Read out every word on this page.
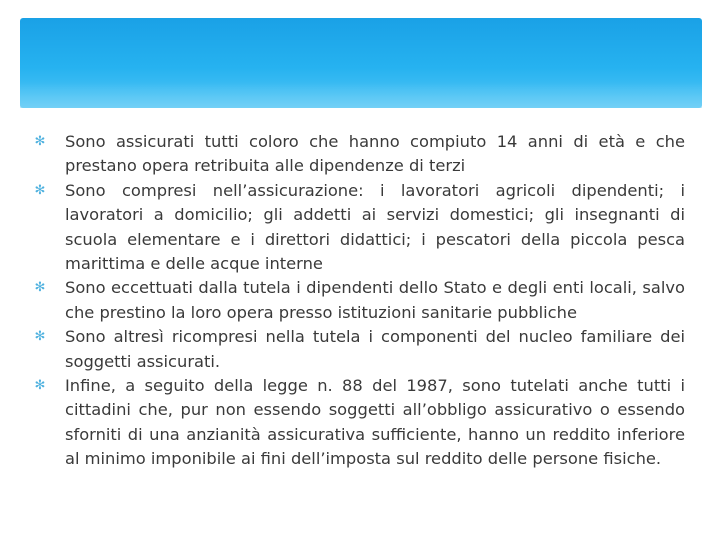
✻ Sono assicurati tutti coloro che hanno compiuto 14 anni di età e che prestano opera retribuita alle dipendenze di terzi
✻ Sono compresi nell’assicurazione: i lavoratori agricoli dipendenti; i lavoratori a domicilio; gli addetti ai servizi domestici; gli insegnanti di scuola elementare e i direttori didattici; i pescatori della piccola pesca marittima e delle acque interne
✻ Sono eccettuati dalla tutela i dipendenti dello Stato e degli enti locali, salvo che prestino la loro opera presso istituzioni sanitarie pubbliche
✻ Sono altresì ricompresi nella tutela i componenti del nucleo familiare dei soggetti assicurati.
✻ Infine, a seguito della legge n. 88 del 1987, sono tutelati anche tutti i cittadini che, pur non essendo soggetti all’obbligo assicurativo o essendo sforniti di una anzianità assicurativa sufficiente, hanno un reddito inferiore al minimo imponibile ai fini dell’imposta sul reddito delle persone fisiche.
